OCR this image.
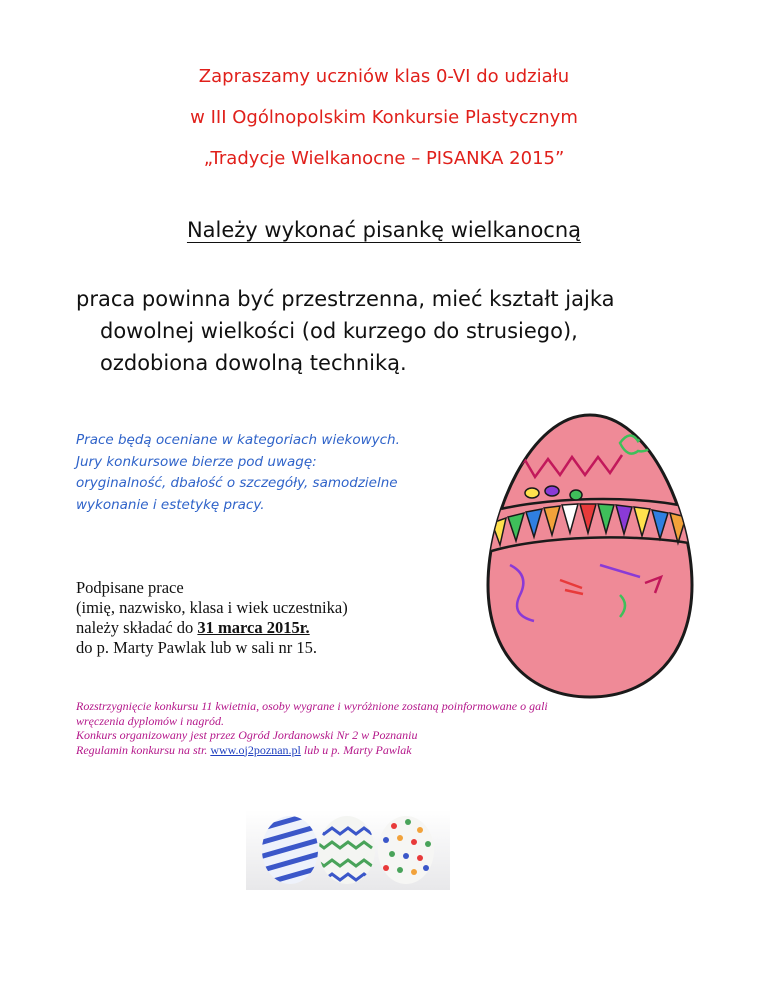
Zapraszamy uczniów klas 0-VI do udziału
w III Ogólnopolskim Konkursie Plastycznym
„Tradycje Wielkanocne – PISANKA 2015”
Należy wykonać pisankę wielkanocną
praca powinna być przestrzenna, mieć kształt jajka
dowolnej wielkości (od kurzego do strusiego),
ozdobiona dowolną techniką.
Prace będą oceniane w kategoriach wiekowych.
Jury konkursowe bierze pod uwagę:
oryginalność, dbałość o szczegóły, samodzielne
wykonanie i estetykę pracy.
Podpisane prace
(imię, nazwisko, klasa i wiek uczestnika)
należy składać do 31 marca 2015r.
do p. Marty Pawlak lub w sali nr 15.
Rozstrzygnięcie konkursu 11 kwietnia, osoby wygrane i wyróżnione zostaną poinformowane o gali
wręczenia dyplomów i nagród.
Konkurs organizowany jest przez Ogród Jordanowski Nr 2 w Poznaniu
Regulamin konkursu na str. www.oj2poznan.pl lub u p. Marty Pawlak
